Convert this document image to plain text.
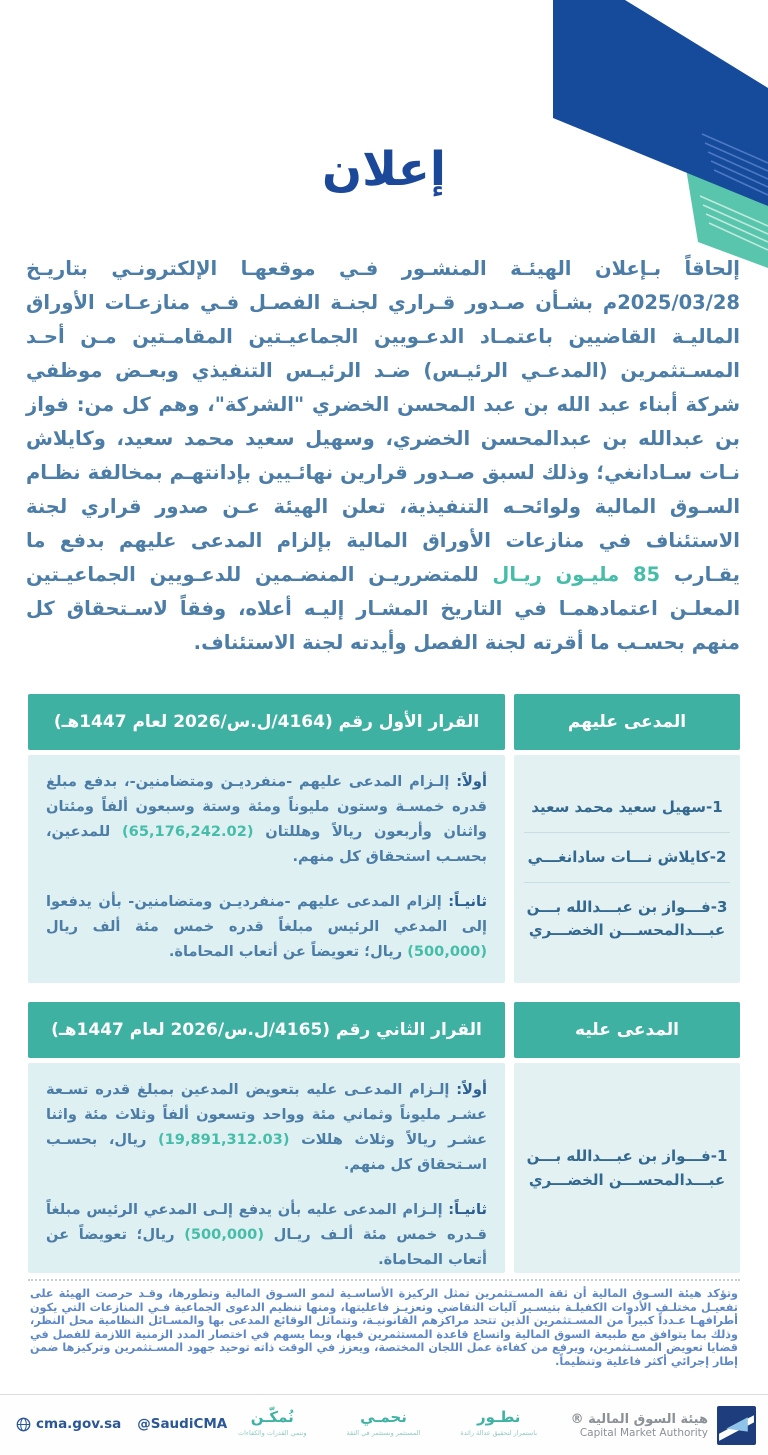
إعلان

إلحاقاً بـإعلان الهيئـة المنشـور فـي موقعهـا الإلكترونـي بتاريـخ 2025/03/28م بشـأن صـدور قـراري لجنـة الفصـل فـي منازعـات الأوراق الماليـة القاضيين باعتمـاد الدعـويين الجماعيـتين المقامـتين مـن أحـد المسـتثمرين (المدعـي الرئيـس) ضـد الرئيـس التنفيذي وبعـض موظفي شركة أبناء عبد الله بن عبد المحسن الخضري "الشركة"، وهم كل من: فواز بن عبدالله بن عبدالمحسن الخضري، وسهيل سعيد محمد سعيد، وكايلاش نـات سـادانغي؛ وذلك لسبق صـدور قرارين نهائـيين بإدانتهـم بمخالفة نظـام السـوق المالية ولوائحـه التنفيذية، تعلن الهيئة عـن صدور قراري لجنة الاستئناف في منازعات الأوراق المالية بإلزام المدعى عليهم بدفع ما يقـارب 85 مليـون ريـال للمتضرريـن المنضـمين للدعـويين الجماعيـتين المعلـن اعتمادهمـا في التاريخ المشـار إليـه أعلاه، وفقاً لاسـتحقاق كل منهم بحسـب ما أقرته لجنة الفصل وأيدته لجنة الاستئناف.

المدعى عليهم
القرار الأول رقم (4164/ل.س/2026 لعام 1447هـ)
1-سهيل سعيد محمد سعيد
2-كايلاش نـــات سادانغـــي
3-فـــواز بن عبـــدالله بـــن عبـــدالمحســـن الخضـــري

أولاً: إلـزام المدعى عليهم -منفرديـن ومتضامنين-، بدفع مبلغ قدره خمسـة وستون مليوناً ومئة وستة وسبعون ألفاً ومئتان واثنان وأربعون ريالاً وهللتان (65,176,242.02) للمدعين، بحسـب استحقاق كل منهم.

ثانيـاً: إلزام المدعى عليهم -منفرديـن ومتضامنين- بأن يدفعوا إلى المدعي الرئيس مبلغاً قدره خمس مئة ألف ريال (500,000) ريال؛ تعويضاً عن أتعاب المحاماة.

المدعى عليه
القرار الثاني رقم (4165/ل.س/2026 لعام 1447هـ)
1-فـــواز بن عبـــدالله بـــن عبـــدالمحســـن الخضـــري

أولاً: إلـزام المدعـى عليه بتعويض المدعين بمبلغ قدره تسـعة عشـر مليوناً وثماني مئة وواحد وتسعون ألفاً وثلاث مئة واثنا عشـر ريالاً وثلاث هللات (19,891,312.03) ريال، بحسـب اسـتحقاق كل منهم.

ثانيـاً: إلـزام المدعى عليه بأن يدفع إلـى المدعي الرئيس مبلغاً قـدره خمس مئة ألـف ريـال (500,000) ريال؛ تعويضاً عن أتعاب المحاماة.

وتؤكد هيئة السـوق المالية أن ثقة المسـتثمرين تمثل الركيزة الأساسـية لنمو السـوق المالية وتطورها، وقـد حرصت الهيئة على تفعيـل مختلـف الأدوات الكفيلـة بتيسـير آليات التقاضي وتعزيـز فاعليتها، ومنها تنظيم الدعوى الجماعية فـي المنازعات التي يكون أطرافهـا عـدداً كبيراً من المسـتثمرين الذين تتحد مراكزهم القانونيـة، وتتماثل الوقائع المدعى بها والمسـائل النظامية محل النظر، وذلك بما يتوافق مع طبيعة السوق المالية واتساع قاعدة المستثمرين فيها، وبما يسهم في اختصار المدد الزمنية اللازمة للفصل في قضايا تعويض المسـتثمرين، ويرفع من كفاءة عمل اللجان المختصة، ويعزز في الوقت ذاته توحيد جهود المسـتثمرين وتركيزها ضمن إطار إجرائي أكثر فاعلية وتنظيماً.

cma.gov.sa @SaudiCMA	نُمكّـن
وننمي القدرات والكفاءات
نحمـي
المستثمر ونستثمر في الثقة
نطـور
باستمرار لتحقيق عدالة رائدة
هيئة السوق المالية ®
Capital Market Authority
